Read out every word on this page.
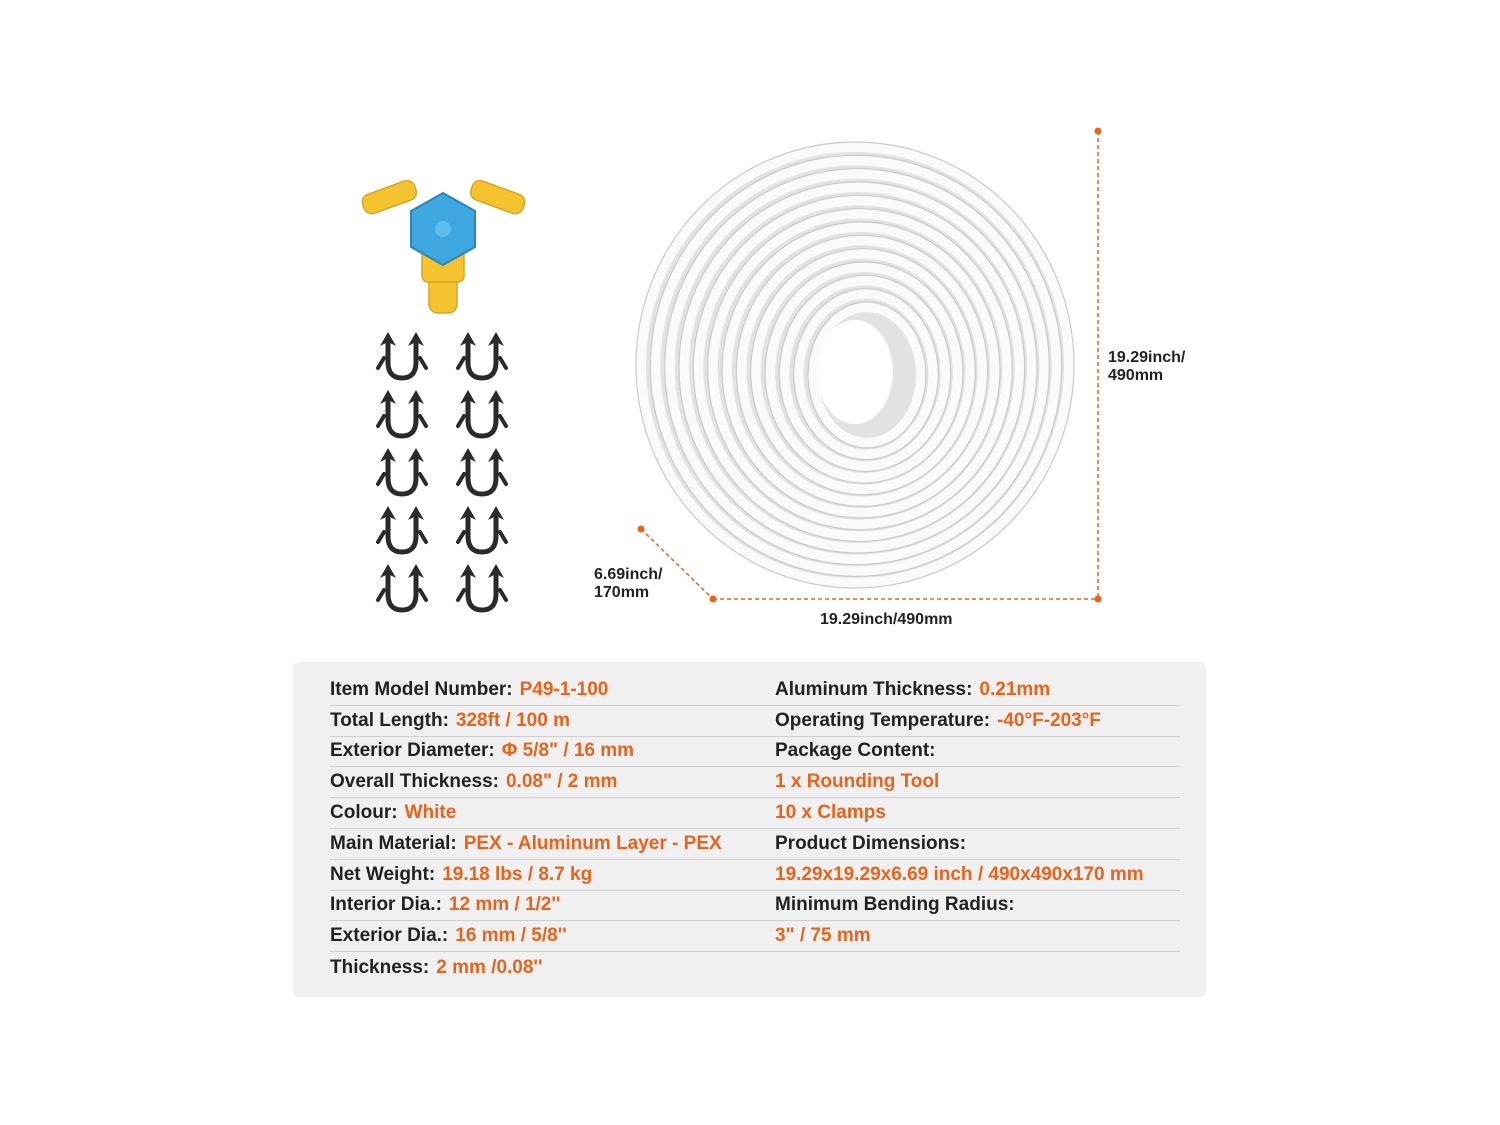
19.29inch/
490mm
19.29inch/490mm
6.69inch/
170mm
Item Model Number: P49-1-100
Total Length: 328ft / 100 m
Exterior Diameter: Φ 5/8" / 16 mm
Overall Thickness: 0.08" / 2 mm
Colour: White
Main Material: PEX - Aluminum Layer - PEX
Net Weight: 19.18 lbs / 8.7 kg
Interior Dia.: 12 mm / 1/2''
Exterior Dia.: 16 mm / 5/8''
Thickness: 2 mm /0.08''
Aluminum Thickness: 0.21mm
Operating Temperature: -40°F-203°F
Package Content:
1 x Rounding Tool
10 x Clamps
Product Dimensions:
19.29x19.29x6.69 inch / 490x490x170 mm
Minimum Bending Radius:
3" / 75 mm
